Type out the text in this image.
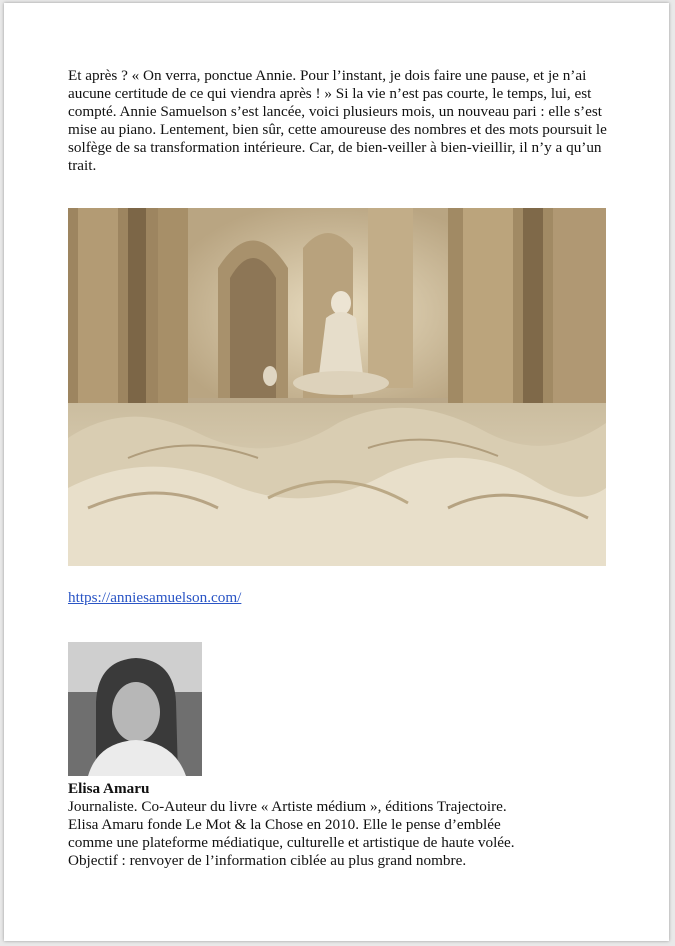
Et après ? « On verra, ponctue Annie. Pour l’instant, je dois faire une pause, et je n’ai aucune certitude de ce qui viendra après ! » Si la vie n’est pas courte, le temps, lui, est compté. Annie Samuelson s’est lancée, voici plusieurs mois, un nouveau pari : elle s’est mise au piano. Lentement, bien sûr, cette amoureuse des nombres et des mots poursuit le solfège de sa transformation intérieure. Car, de bien-veiller à bien-vieillir, il n’y a qu’un trait.

https://anniesamuelson.com/
Elisa Amaru

Journaliste. Co-Auteur du livre « Artiste médium », éditions Trajectoire.
Elisa Amaru fonde Le Mot & la Chose en 2010. Elle le pense d’emblée
comme une plateforme médiatique, culturelle et artistique de haute volée.
Objectif : renvoyer de l’information ciblée au plus grand nombre.
